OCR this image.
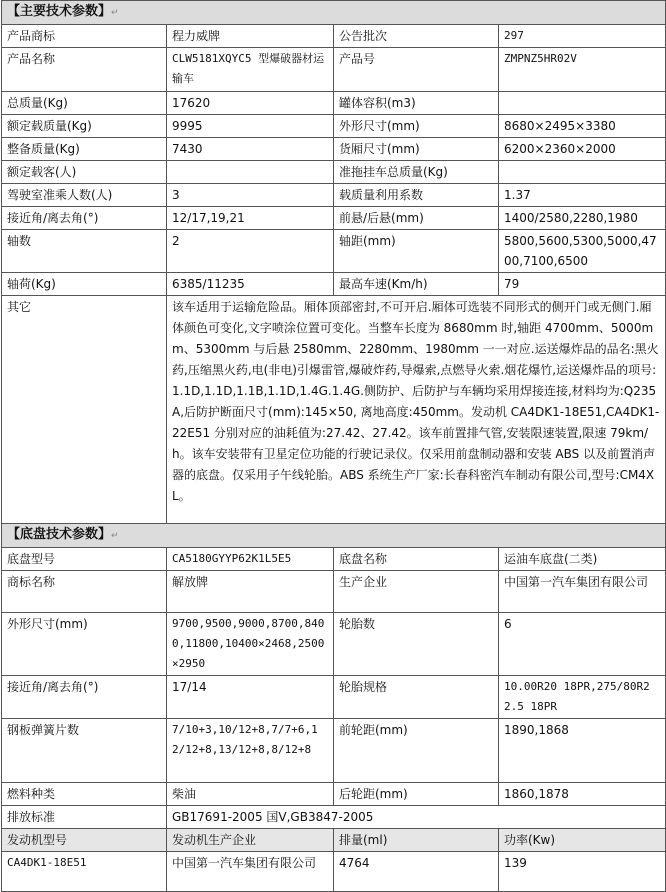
【主要技术参数】↵			
产品商标	程力威牌	公告批次	297
产品名称	CLW5181XQYC5 型爆破器材运输车	产品号	ZMPNZ5HR02V
总质量(Kg)	17620	罐体容积(m3)	
额定载质量(Kg)	9995	外形尺寸(mm)	8680×2495×3380
整备质量(Kg)	7430	货厢尺寸(mm)	6200×2360×2000
额定载客(人)		准拖挂车总质量(Kg)	
驾驶室准乘人数(人)	3	载质量利用系数	1.37
接近角/离去角(°)	12/17,19,21	前悬/后悬(mm)	1400/2580,2280,1980
轴数	2	轴距(mm)	5800,5600,5300,5000,4700,7100,6500
轴荷(Kg)	6385/11235	最高车速(Km/h)	79
其它	该车适用于运输危险品。厢体顶部密封,不可开启.厢体可选装不同形式的侧开门或无侧门.厢体颜色可变化,文字喷涂位置可变化。当整车长度为 8680mm 时,轴距 4700mm、5000mm、5300mm 与后悬 2580mm、2280mm、1980mm 一一对应.运送爆炸品的品名:黑火药,压缩黑火药,电(非电)引爆雷管,爆破炸药,导爆索,点燃导火索.烟花爆竹,运送爆炸品的项号:1.1D,1.1D,1.1B,1.1D,1.4G.1.4G.侧防护、后防护与车辆均采用焊接连接,材料均为:Q235A,后防护断面尺寸(mm):145×50, 离地高度:450mm。发动机 CA4DK1-18E51,CA4DK1-22E51 分别对应的油耗值为:27.42、27.42。该车前置排气管,安装限速装置,限速 79km/h。该车安装带有卫星定位功能的行驶记录仪。仅采用前盘制动器和安装 ABS 以及前置消声器的底盘。仅采用子午线轮胎。ABS 系统生产厂家:长春科密汽车制动有限公司,型号:CM4XL。		
【底盘技术参数】↵			
底盘型号	CA5180GYYP62K1L5E5	底盘名称	运油车底盘(二类)
商标名称	解放牌	生产企业	中国第一汽车集团有限公司
外形尺寸(mm)	9700,9500,9000,8700,8400,11800,10400×2468,2500×2950	轮胎数	6
接近角/离去角(°)	17/14	轮胎规格	10.00R20 18PR,275/80R22.5 18PR
钢板弹簧片数	7/10+3,10/12+8,7/7+6,12/12+8,13/12+8,8/12+8	前轮距(mm)	1890,1868
燃料种类	柴油	后轮距(mm)	1860,1878
排放标准	GB17691-2005 国V,GB3847-2005		
发动机型号	发动机生产企业	排量(ml)	功率(Kw)
CA4DK1-18E51	中国第一汽车集团有限公司	4764	139
